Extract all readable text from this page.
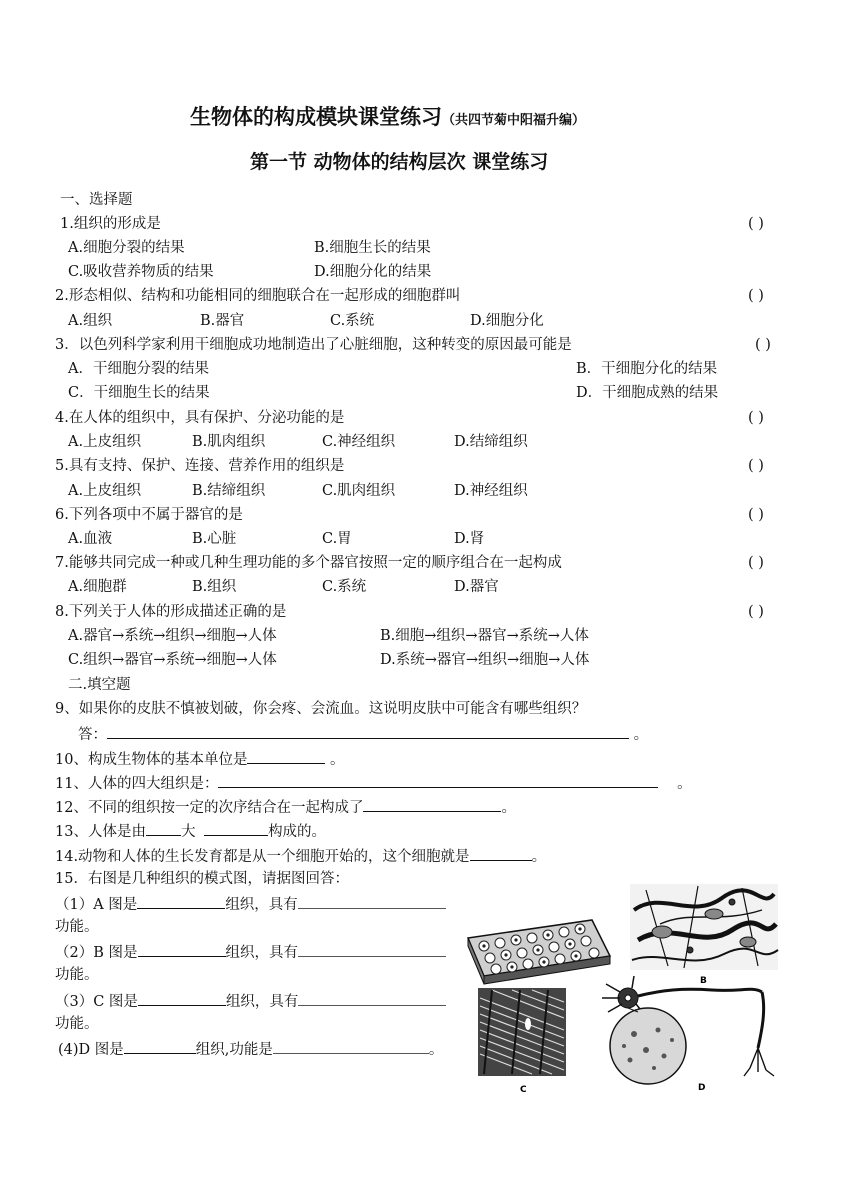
生物体的构成模块课堂练习（共四节菊中阳福升编）
第一节 动物体的结构层次 课堂练习
一、选择题
1.组织的形成是	( )
A.细胞分裂的结果	B.细胞生长的结果
C.吸收营养物质的结果	D.细胞分化的结果
2.形态相似、结构和功能相同的细胞联合在一起形成的细胞群叫	( )
A.组织	B.器官	C.系统	D.细胞分化
3．以色列科学家利用干细胞成功地制造出了心脏细胞，这种转变的原因最可能是	( )
A．干细胞分裂的结果	B．干细胞分化的结果
C．干细胞生长的结果	D．干细胞成熟的结果
4.在人体的组织中，具有保护、分泌功能的是	( )
A.上皮组织	B.肌肉组织	C.神经组织	D.结缔组织
5.具有支持、保护、连接、营养作用的组织是	( )
A.上皮组织	B.结缔组织	C.肌肉组织	D.神经组织
6.下列各项中不属于器官的是	( )
A.血液	B.心脏	C.胃	D.肾
7.能够共同完成一种或几种生理功能的多个器官按照一定的顺序组合在一起构成	( )
A.细胞群	B.组织	C.系统	D.器官
8.下列关于人体的形成描述正确的是	( )
A.器官→系统→组织→细胞→人体	B.细胞→组织→器官→系统→人体
C.组织→器官→系统→细胞→人体	D.系统→器官→组织→细胞→人体
二.填空题
9、如果你的皮肤不慎被划破，你会疼、会流血。这说明皮肤中可能含有哪些组织？
答：	。
10、构成生物体的基本单位是	。
11、人体的四大组织是：	。
12、不同的组织按一定的次序结合在一起构成了	。
13、人体是由 大	构成的。
14.动物和人体的生长发育都是从一个细胞开始的，这个细胞就是	。
15．右图是几种组织的模式图，请据图回答：
（1）A 图是	组织，具有
功能。
（2）B 图是	组织，具有
功能。
（3）C 图是	组织，具有
功能。
(4)D 图是	组织,功能是	。
B
C	D
